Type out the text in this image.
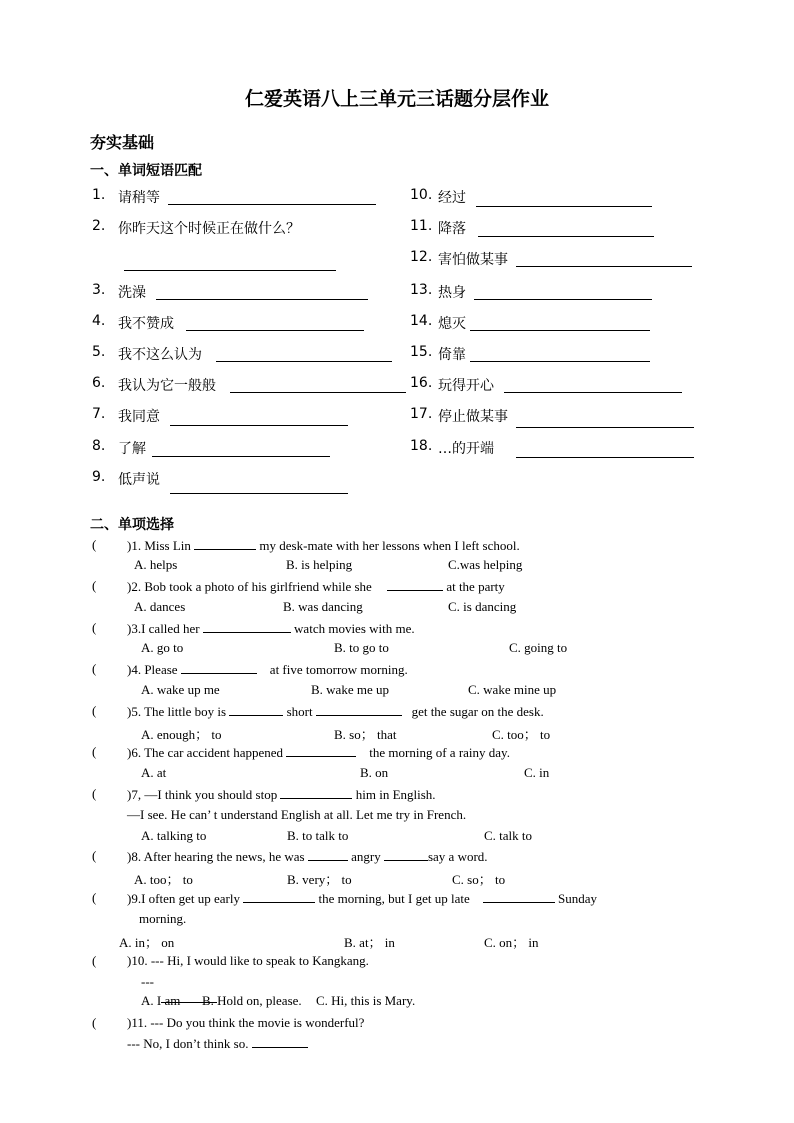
仁爱英语八上三单元三话题分层作业
夯实基础
一、单词短语匹配
1. 请稍等
2. 你昨天这个时候正在做什么？
3. 洗澡
4. 我不赞成
5. 我不这么认为
6. 我认为它一般般
7. 我同意
8. 了解
9. 低声说
10. 经过
11. 降落
12. 害怕做某事
13. 热身
14. 熄灭
15. 倚靠
16. 玩得开心
17. 停止做某事
18. …的开端
二、单项选择
( )1. Miss Lin	my desk-mate with her lessons when I left school.
A. helps	B. is helping	C.was helping
( )2. Bob took a photo of his girlfriend while she	at the party
A. dances	B. was dancing	C. is dancing
( )3.I called her	watch movies with me.
A. go to	B. to go to	C. going to
( )4. Please	at five tomorrow morning.
A. wake up me	B. wake me up	C. wake mine up
( )5. The little boy is	short	get the sugar on the desk.
A. enough； to	B. so； that	C. too； to
( )6. The car accident happened	the morning of a rainy day.
A. at	B. on	C. in
( )7, —I think you should stop	him in English.
—I see. He can’ t understand English at all. Let me try in French.
A. talking to	B. to talk to	C. talk to
( )8. After hearing the news, he was	angry	say a word.
A. too； to	B. very； to	C. so； to
( )9.I often get up early	the morning, but I get up late	Sunday
morning.
A. in； on	B. at； in	C. on； in
( )10. --- Hi, I would like to speak to Kangkang.
---

A. I am B. Hold on, please. C. Hi, this is Mary.
( )11. --- Do you think the movie is wonderful?
--- No, I don’t think so.
